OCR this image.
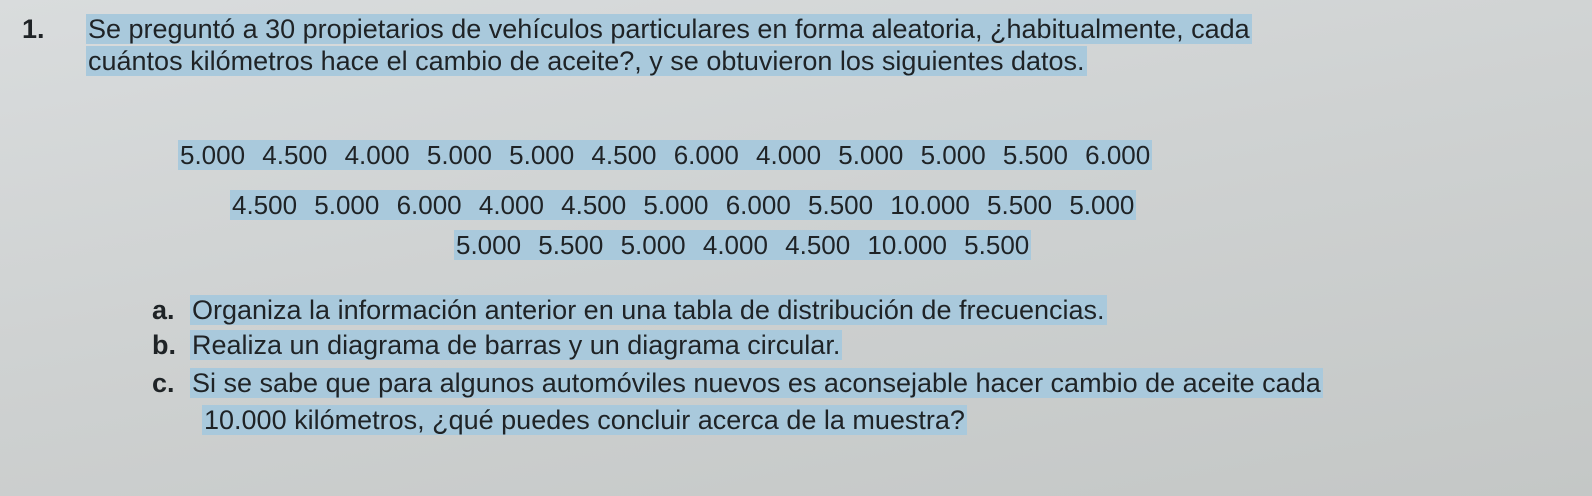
1. Se preguntó a 30 propietarios de vehículos particulares en forma aleatoria, ¿habitualmente, cada
cuántos kilómetros hace el cambio de aceite?, y se obtuvieron los siguientes datos.
5.000 4.500 4.000 5.000 5.000 4.500 6.000 4.000 5.000 5.000 5.500 6.000
4.500 5.000 6.000 4.000 4.500 5.000 6.000 5.500 10.000 5.500 5.000
5.000 5.500 5.000 4.000 4.500 10.000 5.500
a. Organiza la información anterior en una tabla de distribución de frecuencias.
b. Realiza un diagrama de barras y un diagrama circular.
c. Si se sabe que para algunos automóviles nuevos es aconsejable hacer cambio de aceite cada
10.000 kilómetros, ¿qué puedes concluir acerca de la muestra?
